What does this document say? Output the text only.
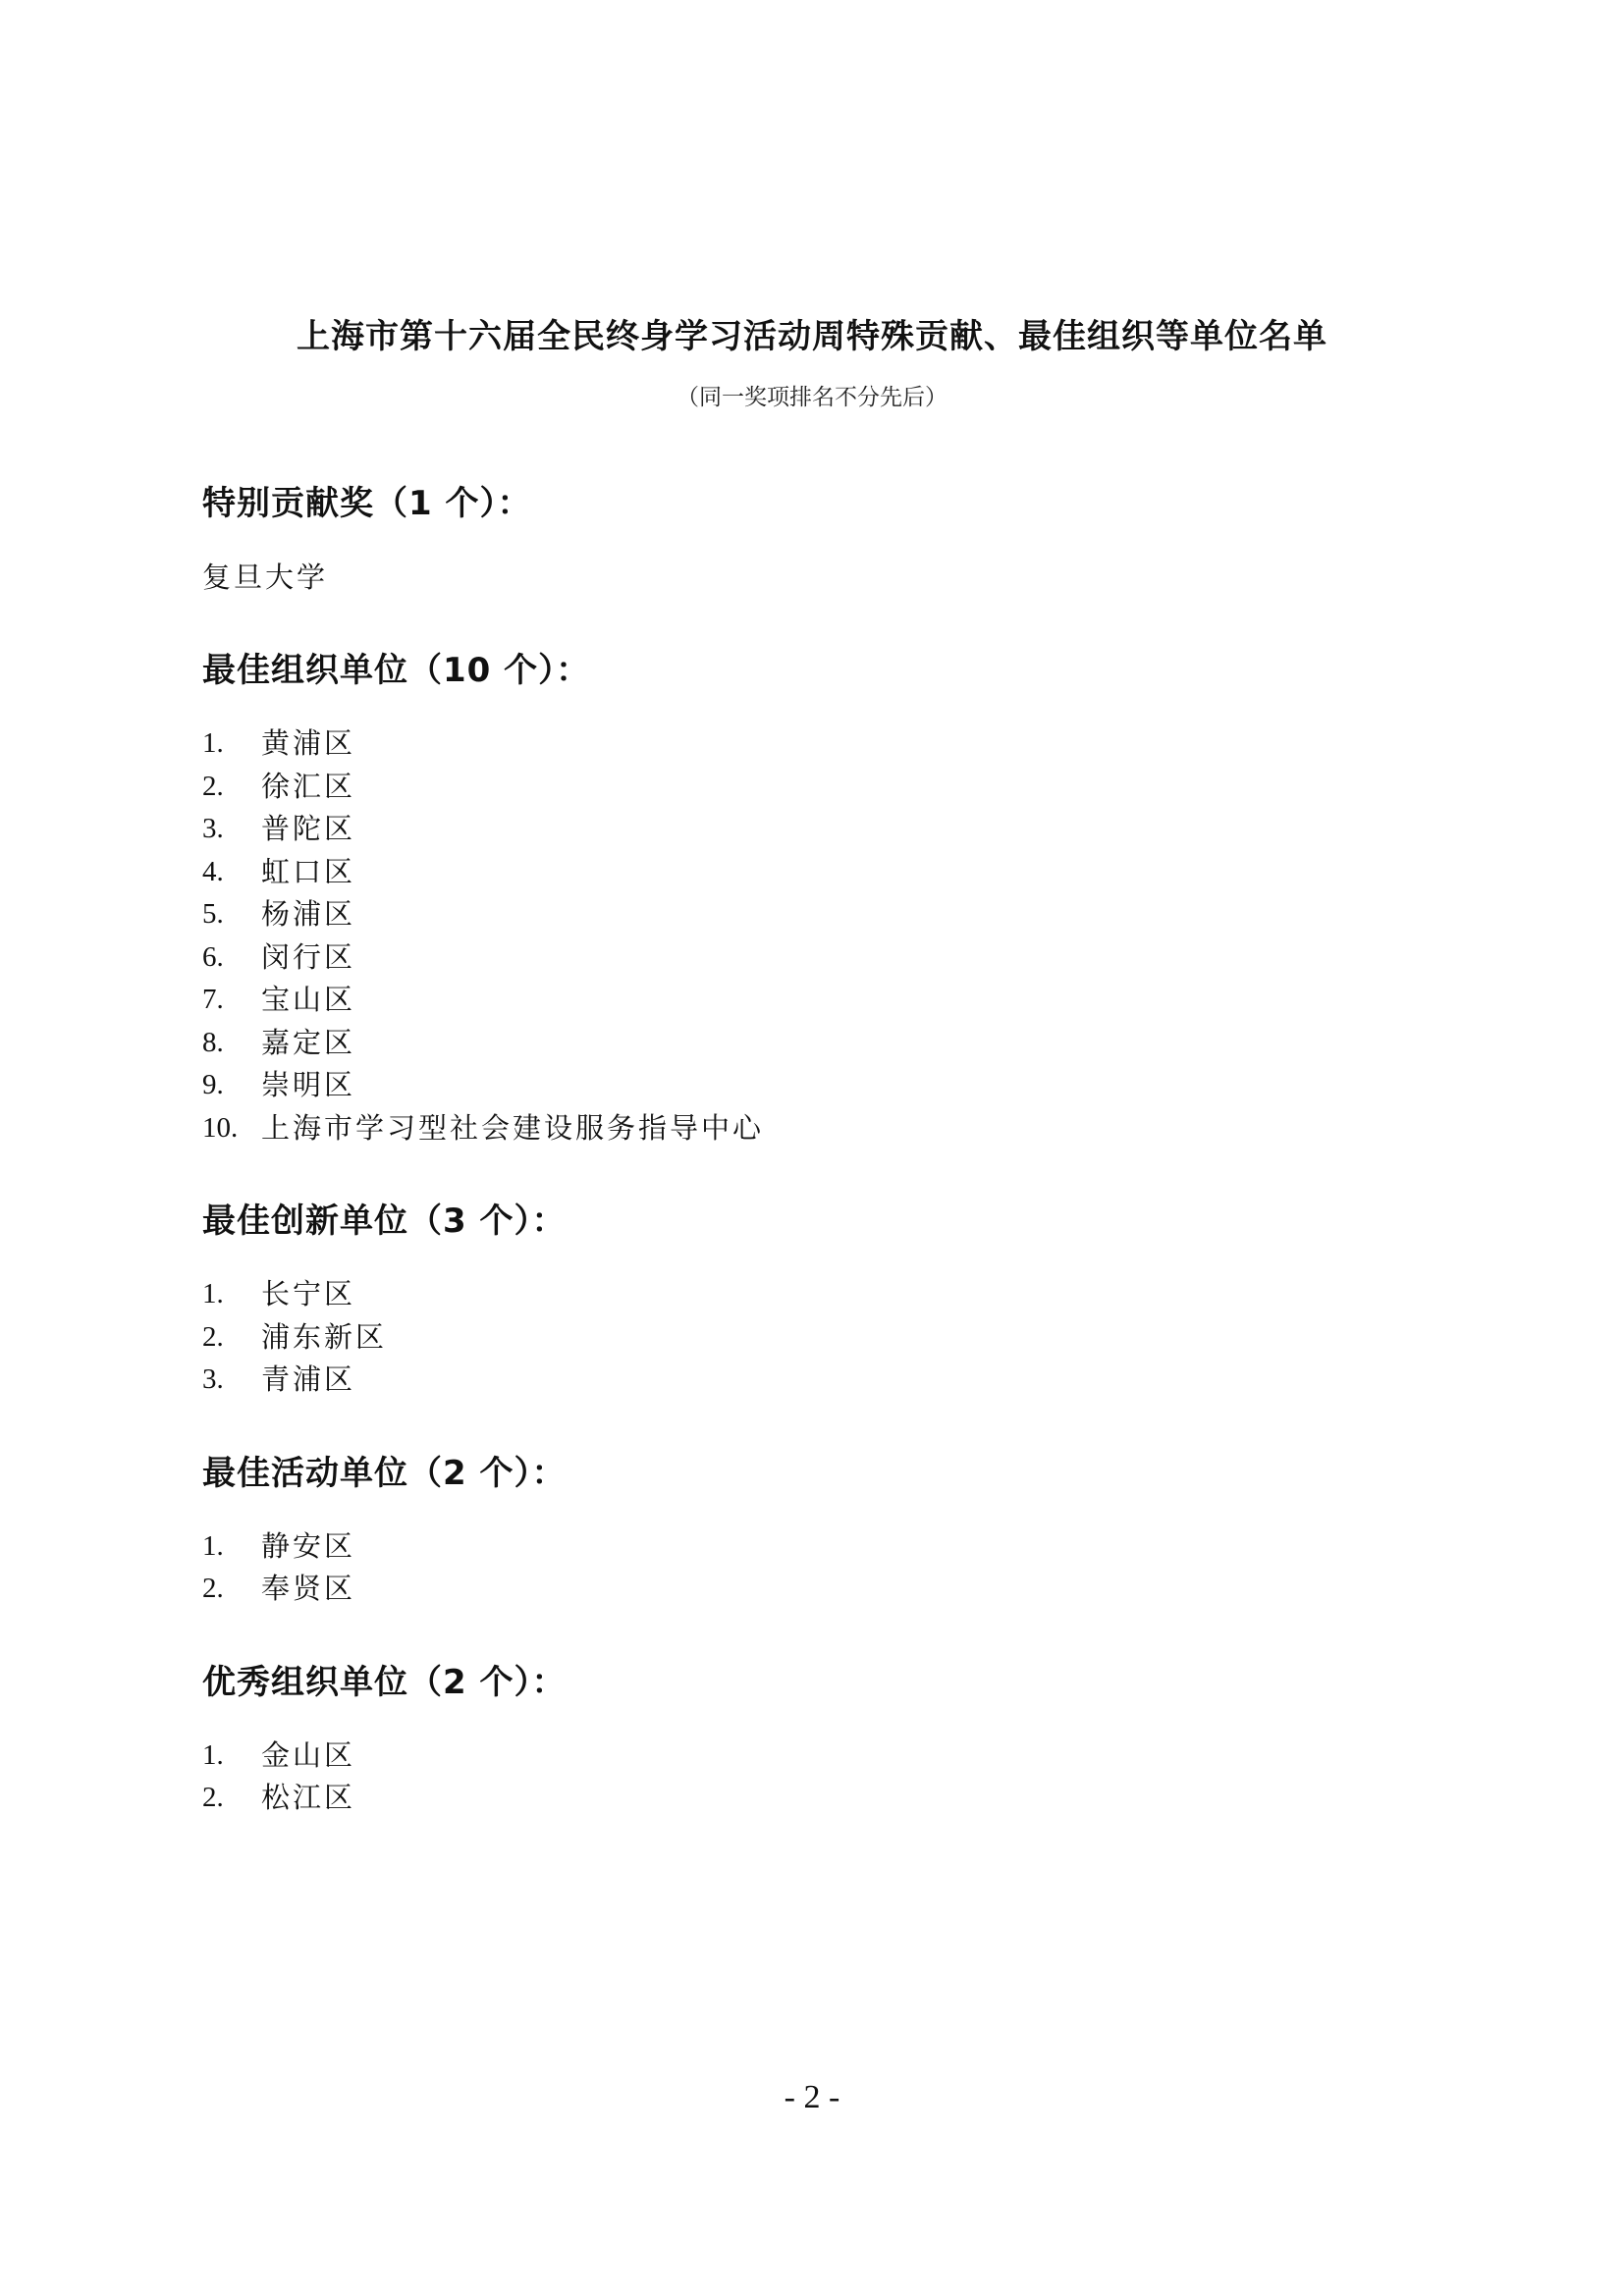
上海市第十六届全民终身学习活动周特殊贡献、最佳组织等单位名单
（同一奖项排名不分先后）
特别贡献奖（1 个）：
复旦大学
最佳组织单位（10 个）：
1.	黄浦区
2.	徐汇区
3.	普陀区
4.	虹口区
5.	杨浦区
6.	闵行区
7.	宝山区
8.	嘉定区
9.	崇明区
10. 上海市学习型社会建设服务指导中心
最佳创新单位（3 个）：
1.	长宁区
2.	浦东新区
3.	青浦区
最佳活动单位（2 个）：
1.	静安区
2.	奉贤区
优秀组织单位（2 个）：
1.	金山区
2.	松江区
- 2 -
